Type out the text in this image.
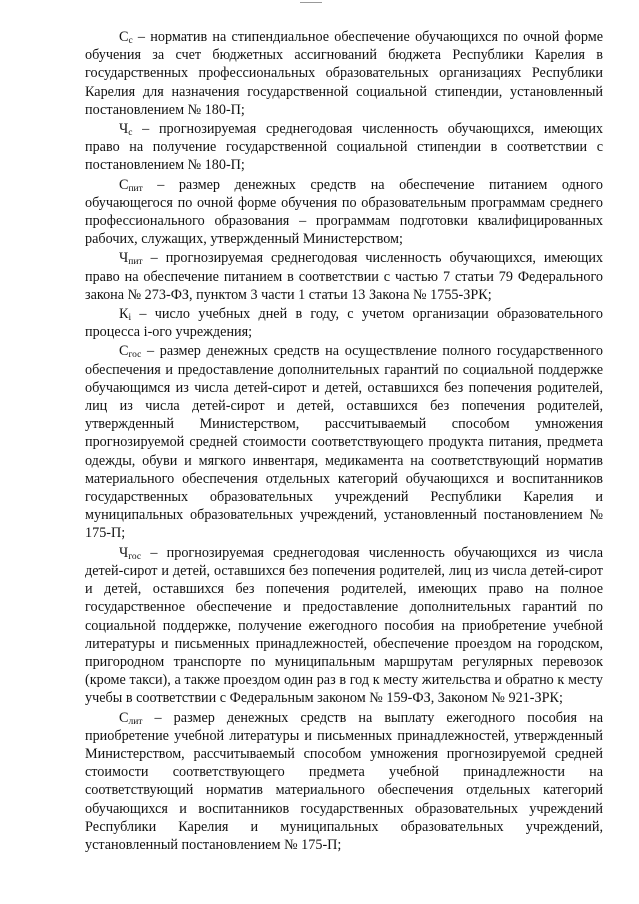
$С_с$ – норматив на стипендиальное обеспечение обучающихся по очной форме обучения за счет бюджетных ассигнований бюджета Республики Карелия в государственных профессиональных образовательных организациях Республики Карелия для назначения государственной социальной стипендии, установленный постановлением № 180-П;

$Ч_с$ – прогнозируемая среднегодовая численность обучающихся, имеющих право на получение государственной социальной стипендии в соответствии с постановлением № 180-П;

$С_{пит}$ – размер денежных средств на обеспечение питанием одного обучающегося по очной форме обучения по образовательным программам среднего профессионального образования – программам подготовки квалифицированных рабочих, служащих, утвержденный Министерством;

$Ч_{пит}$ – прогнозируемая среднегодовая численность обучающихся, имеющих право на обеспечение питанием в соответствии с частью 7 статьи 79 Федерального закона № 273-ФЗ, пунктом 3 части 1 статьи 13 Закона № 1755-ЗРК;

$К_i$ – число учебных дней в году, с учетом организации образовательного процесса i-ого учреждения;

$С_{гос}$ – размер денежных средств на осуществление полного государственного обеспечения и предоставление дополнительных гарантий по социальной поддержке обучающимся из числа детей-сирот и детей, оставшихся без попечения родителей, лиц из числа детей-сирот и детей, оставшихся без попечения родителей, утвержденный Министерством, рассчитываемый способом умножения прогнозируемой средней стоимости соответствующего продукта питания, предмета одежды, обуви и мягкого инвентаря, медикамента на соответствующий норматив материального обеспечения отдельных категорий обучающихся и воспитанников государственных образовательных учреждений Республики Карелия и муниципальных образовательных учреждений, установленный постановлением № 175-П;

$Ч_{гос}$ – прогнозируемая среднегодовая численность обучающихся из числа детей-сирот и детей, оставшихся без попечения родителей, лиц из числа детей-сирот и детей, оставшихся без попечения родителей, имеющих право на полное государственное обеспечение и предоставление дополнительных гарантий по социальной поддержке, получение ежегодного пособия на приобретение учебной литературы и письменных принадлежностей, обеспечение проездом на городском, пригородном транспорте по муниципальным маршрутам регулярных перевозок (кроме такси), а также проездом один раз в год к месту жительства и обратно к месту учебы в соответствии с Федеральным законом № 159-ФЗ, Законом № 921-ЗРК;

$С_{лит}$ – размер денежных средств на выплату ежегодного пособия на приобретение учебной литературы и письменных принадлежностей, утвержденный Министерством, рассчитываемый способом умножения прогнозируемой средней стоимости соответствующего предмета учебной принадлежности на соответствующий норматив материального обеспечения отдельных категорий обучающихся и воспитанников государственных образовательных учреждений Республики Карелия и муниципальных образовательных учреждений, установленный постановлением № 175-П;
